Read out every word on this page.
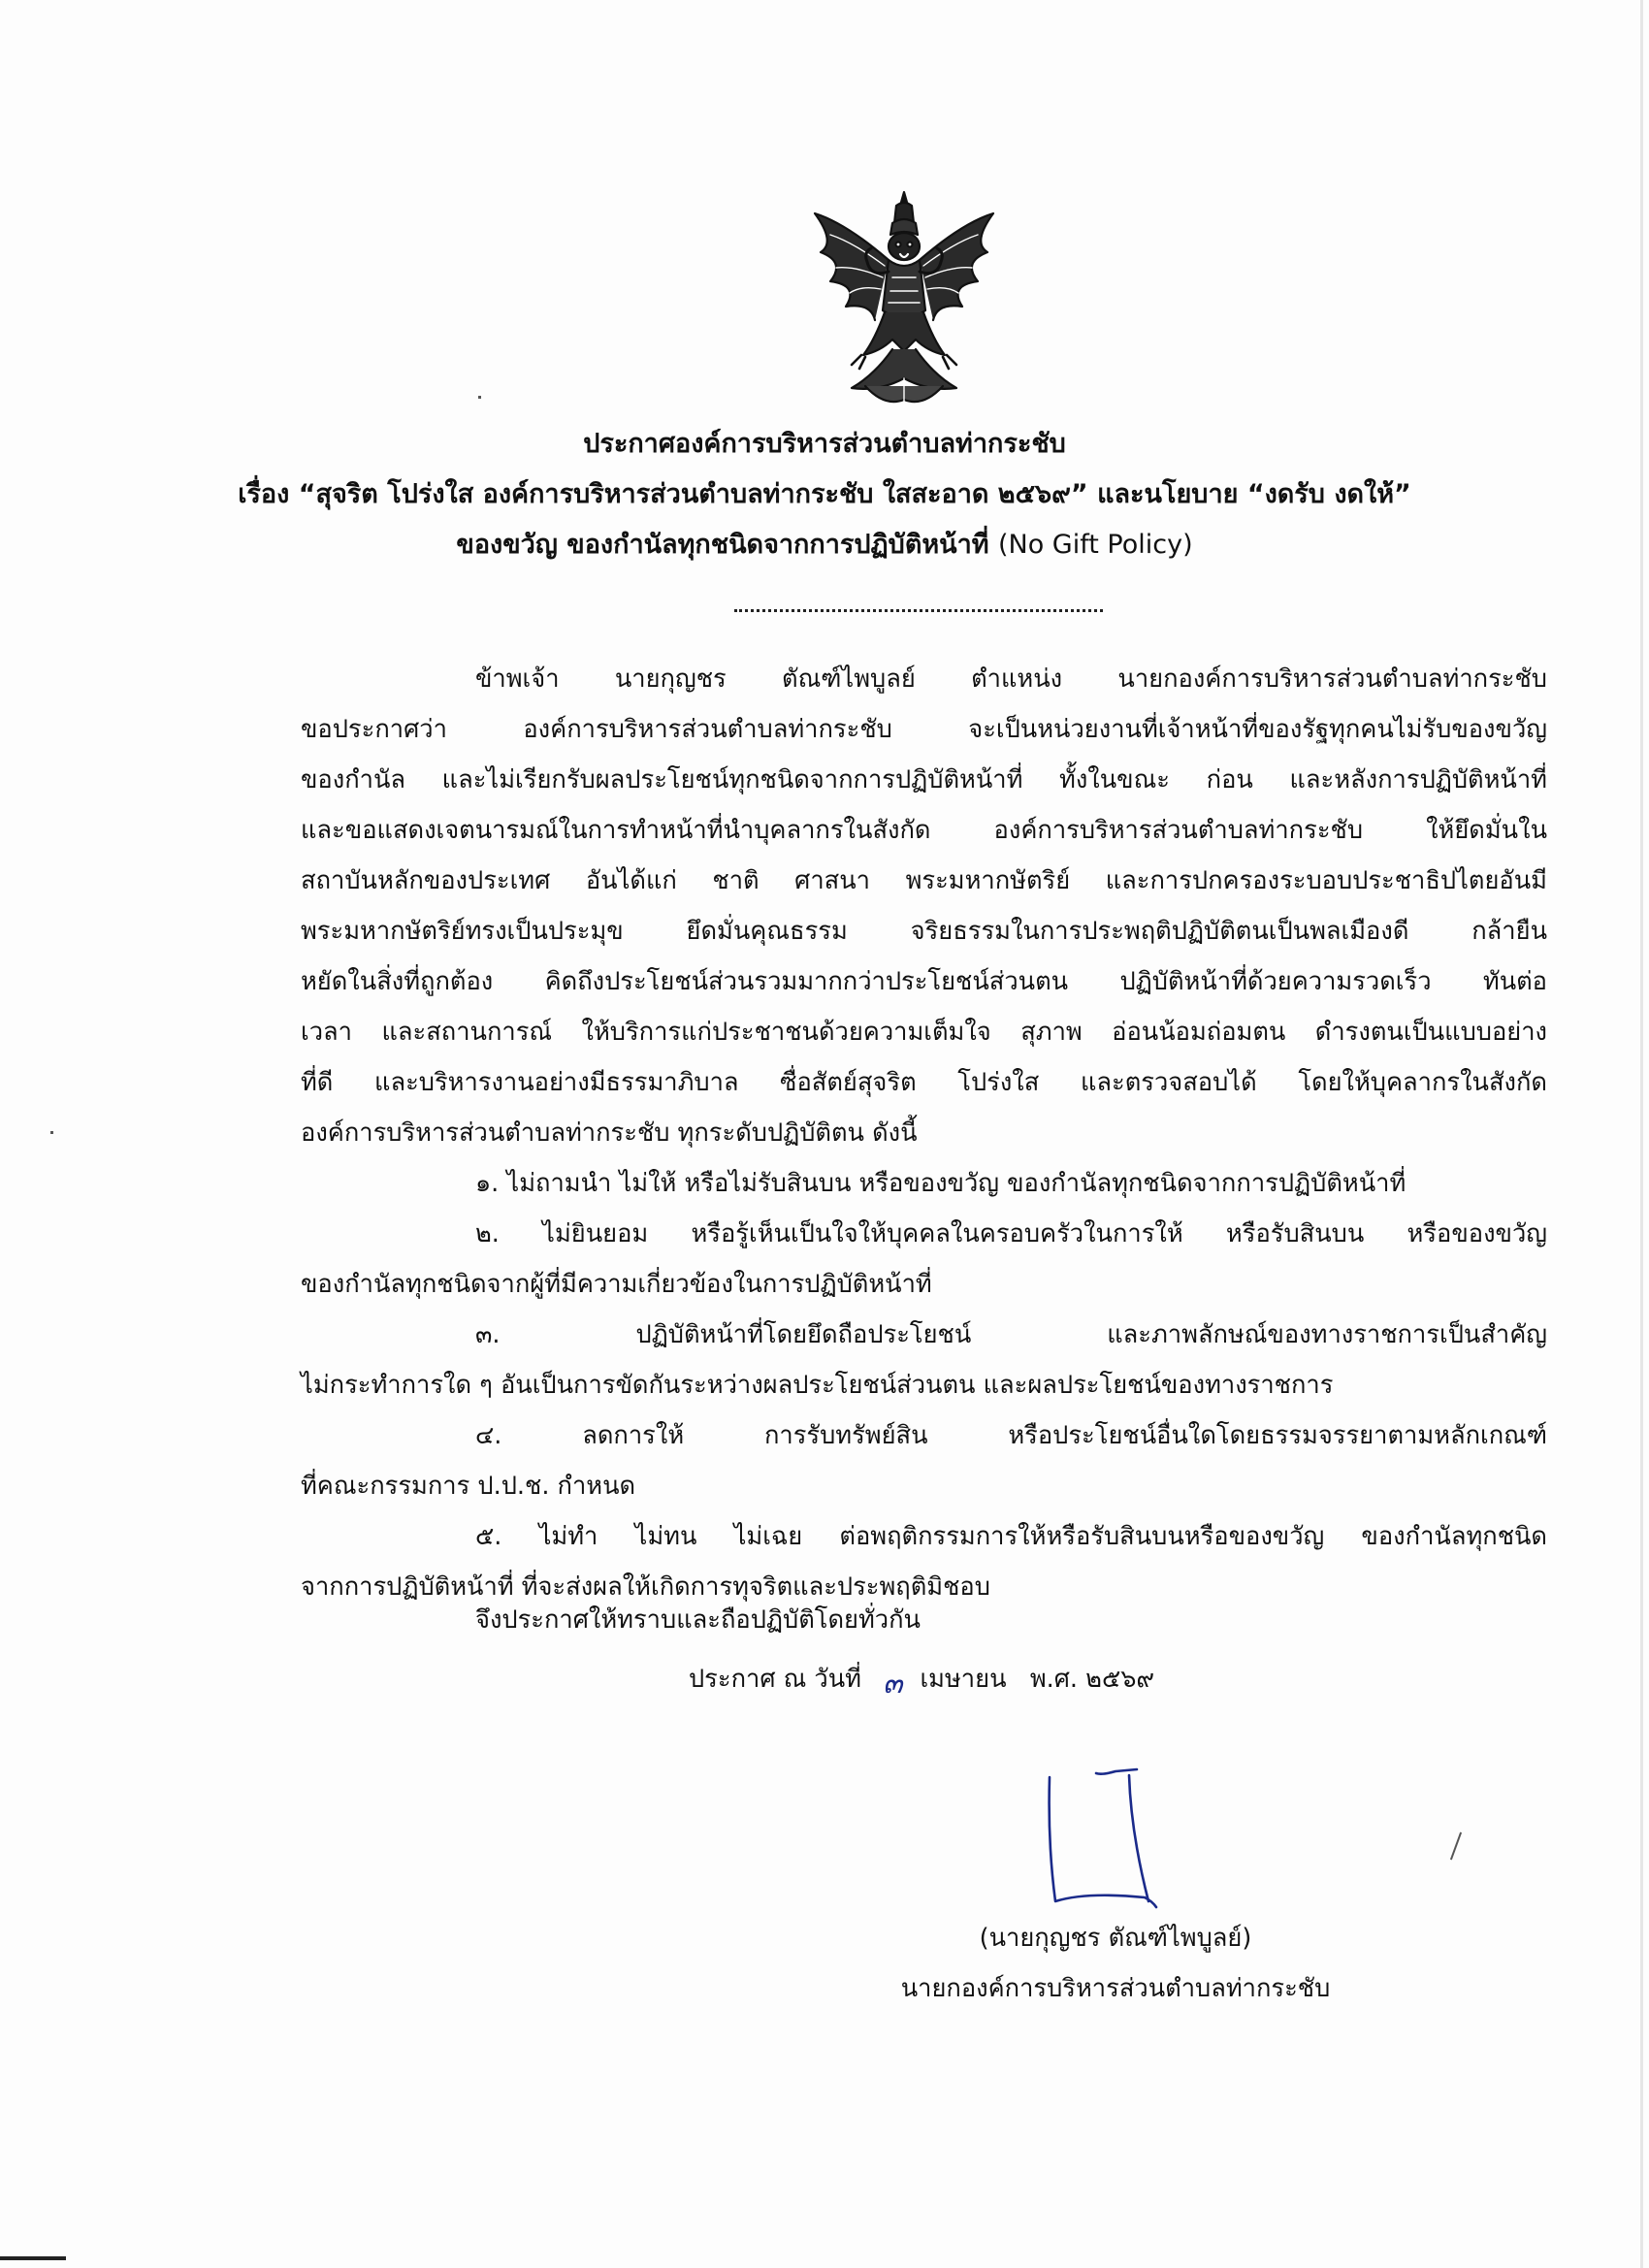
ประกาศองค์การบริหารส่วนตำบลท่ากระชับ
เรื่อง “สุจริต โปร่งใส องค์การบริหารส่วนตำบลท่ากระชับ ใสสะอาด ๒๕๖๙” และนโยบาย “งดรับ งดให้”
ของขวัญ ของกำนัลทุกชนิดจากการปฏิบัติหน้าที่ (No Gift Policy)
ข้าพเจ้า นายกุญชร ตัณฑ์ไพบูลย์ ตำแหน่ง นายกองค์การบริหารส่วนตำบลท่ากระชับ
ขอประกาศว่า องค์การบริหารส่วนตำบลท่ากระชับ จะเป็นหน่วยงานที่เจ้าหน้าที่ของรัฐทุกคนไม่รับของขวัญ
ของกำนัล และไม่เรียกรับผลประโยชน์ทุกชนิดจากการปฏิบัติหน้าที่ ทั้งในขณะ ก่อน และหลังการปฏิบัติหน้าที่
และขอแสดงเจตนารมณ์ในการทำหน้าที่นำบุคลากรในสังกัด องค์การบริหารส่วนตำบลท่ากระชับ ให้ยึดมั่นใน
สถาบันหลักของประเทศ อันได้แก่ ชาติ ศาสนา พระมหากษัตริย์ และการปกครองระบอบประชาธิปไตยอันมี
พระมหากษัตริย์ทรงเป็นประมุข ยึดมั่นคุณธรรม จริยธรรมในการประพฤติปฏิบัติตนเป็นพลเมืองดี กล้ายืน
หยัดในสิ่งที่ถูกต้อง คิดถึงประโยชน์ส่วนรวมมากกว่าประโยชน์ส่วนตน ปฏิบัติหน้าที่ด้วยความรวดเร็ว ทันต่อ
เวลา และสถานการณ์ ให้บริการแก่ประชาชนด้วยความเต็มใจ สุภาพ อ่อนน้อมถ่อมตน ดำรงตนเป็นแบบอย่าง
ที่ดี และบริหารงานอย่างมีธรรมาภิบาล ซื่อสัตย์สุจริต โปร่งใส และตรวจสอบได้ โดยให้บุคลากรในสังกัด
องค์การบริหารส่วนตำบลท่ากระชับ ทุกระดับปฏิบัติตน ดังนี้
๑. ไม่ถามนำ ไม่ให้ หรือไม่รับสินบน หรือของขวัญ ของกำนัลทุกชนิดจากการปฏิบัติหน้าที่
๒. ไม่ยินยอม หรือรู้เห็นเป็นใจให้บุคคลในครอบครัวในการให้ หรือรับสินบน หรือของขวัญ
ของกำนัลทุกชนิดจากผู้ที่มีความเกี่ยวข้องในการปฏิบัติหน้าที่
๓. ปฏิบัติหน้าที่โดยยึดถือประโยชน์ และภาพลักษณ์ของทางราชการเป็นสำคัญ
ไม่กระทำการใด ๆ อันเป็นการขัดกันระหว่างผลประโยชน์ส่วนตน และผลประโยชน์ของทางราชการ
๔. ลดการให้ การรับทรัพย์สิน หรือประโยชน์อื่นใดโดยธรรมจรรยาตามหลักเกณฑ์
ที่คณะกรรมการ ป.ป.ช. กำหนด
๕. ไม่ทำ ไม่ทน ไม่เฉย ต่อพฤติกรรมการให้หรือรับสินบนหรือของขวัญ ของกำนัลทุกชนิด
จากการปฏิบัติหน้าที่ ที่จะส่งผลให้เกิดการทุจริตและประพฤติมิชอบ
จึงประกาศให้ทราบและถือปฏิบัติโดยทั่วกัน
ประกาศ ณ วันที่ ๓ เมษายน พ.ศ. ๒๕๖๙
(นายกุญชร ตัณฑ์ไพบูลย์)
นายกองค์การบริหารส่วนตำบลท่ากระชับ
